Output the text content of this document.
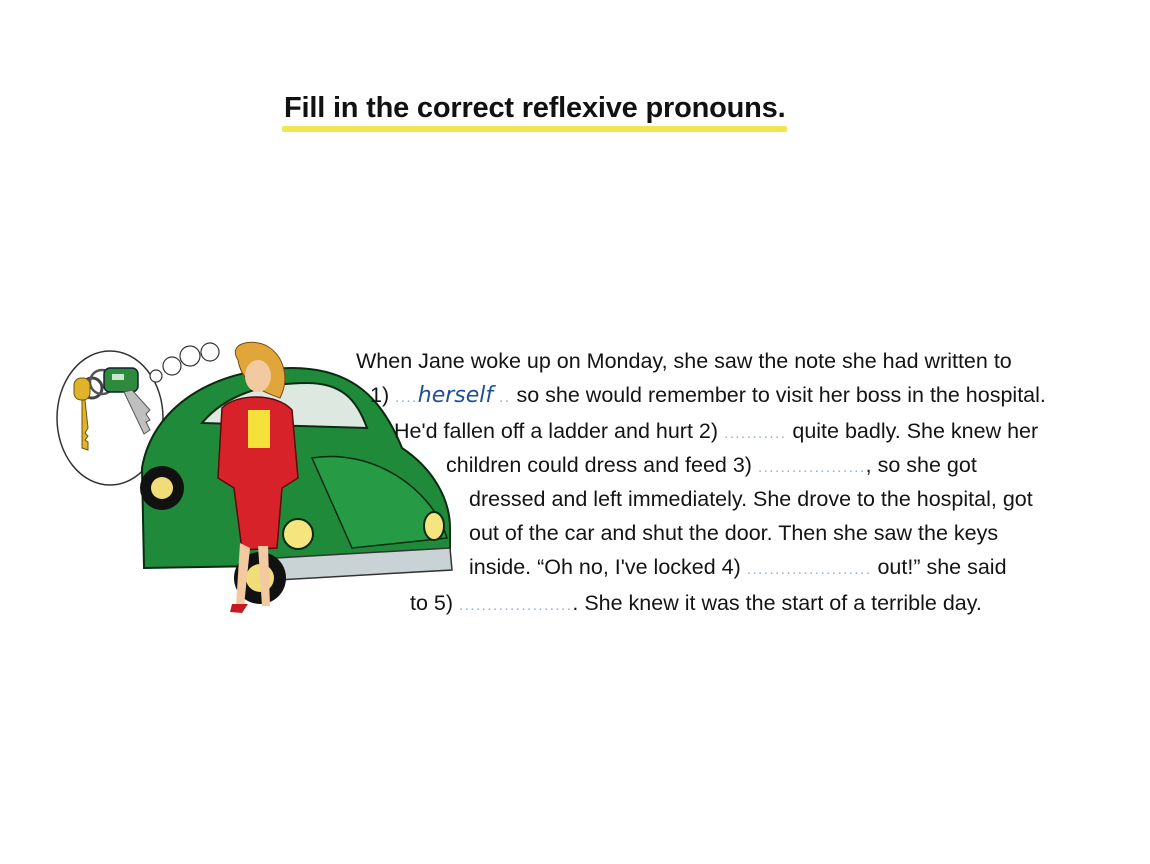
Fill in the correct reflexive pronouns.
When Jane woke up on Monday, she saw the note she had written to
1) ....herself .. so she would remember to visit her boss in the hospital.
He'd fallen off a ladder and hurt 2) ........... quite badly. She knew her
children could dress and feed 3) ..................., so she got
dressed and left immediately. She drove to the hospital, got
out of the car and shut the door. Then she saw the keys
inside. “Oh no, I've locked 4) ...................... out!” she said
to 5) ..................... She knew it was the start of a terrible day.
